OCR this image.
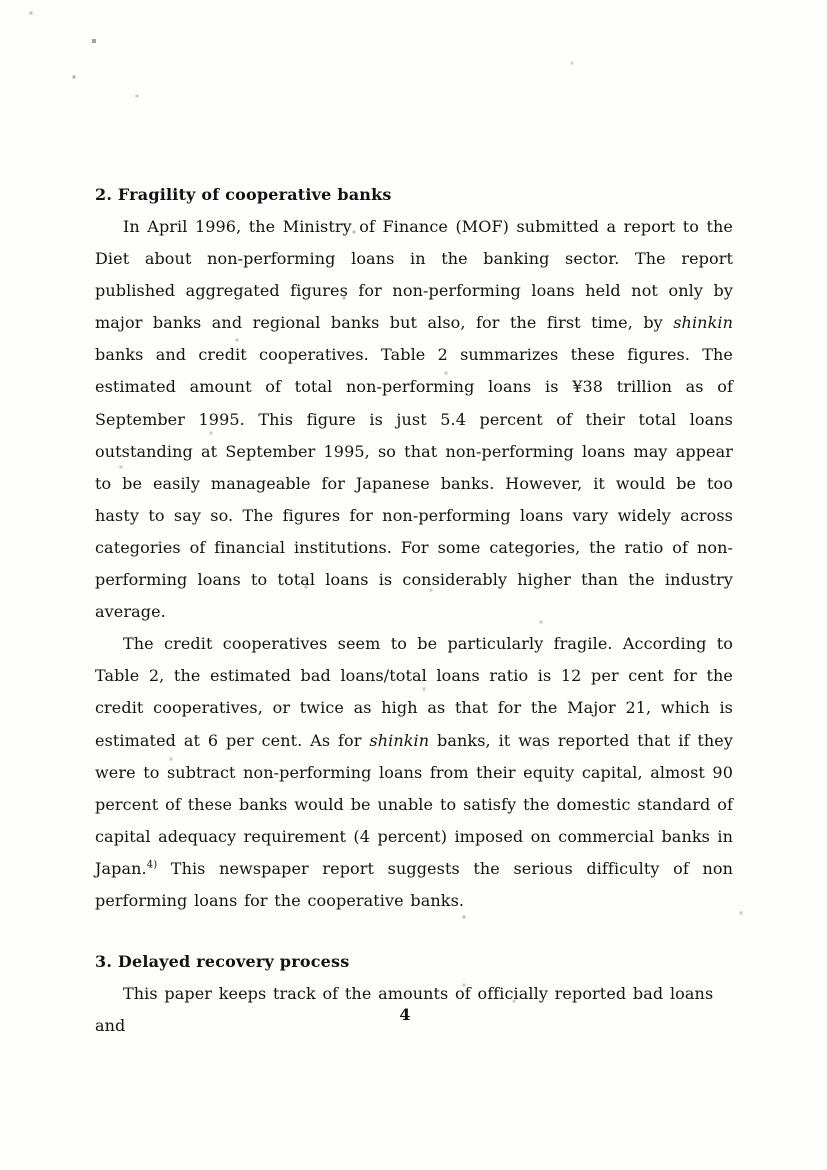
2. Fragility of cooperative banks

In April 1996, the Ministry of Finance (MOF) submitted a report to the Diet about non-performing loans in the banking sector. The report published aggregated figures for non-performing loans held not only by major banks and regional banks but also, for the first time, by shinkin banks and credit cooperatives. Table 2 summarizes these figures. The estimated amount of total non-performing loans is ¥38 trillion as of September 1995. This figure is just 5.4 percent of their total loans outstanding at September 1995, so that non-performing loans may appear to be easily manageable for Japanese banks. However, it would be too hasty to say so. The figures for non-performing loans vary widely across categories of financial institutions. For some categories, the ratio of non-performing loans to total loans is considerably higher than the industry average.

The credit cooperatives seem to be particularly fragile. According to Table 2, the estimated bad loans/total loans ratio is 12 per cent for the credit cooperatives, or twice as high as that for the Major 21, which is estimated at 6 per cent. As for shinkin banks, it was reported that if they were to subtract non-performing loans from their equity capital, almost 90 percent of these banks would be unable to satisfy the domestic standard of capital adequacy requirement (4 percent) imposed on commercial banks in Japan.$^{4)}$ This newspaper report suggests the serious difficulty of non performing loans for the cooperative banks.

3. Delayed recovery process

This paper keeps track of the amounts of officially reported bad loans and

4
